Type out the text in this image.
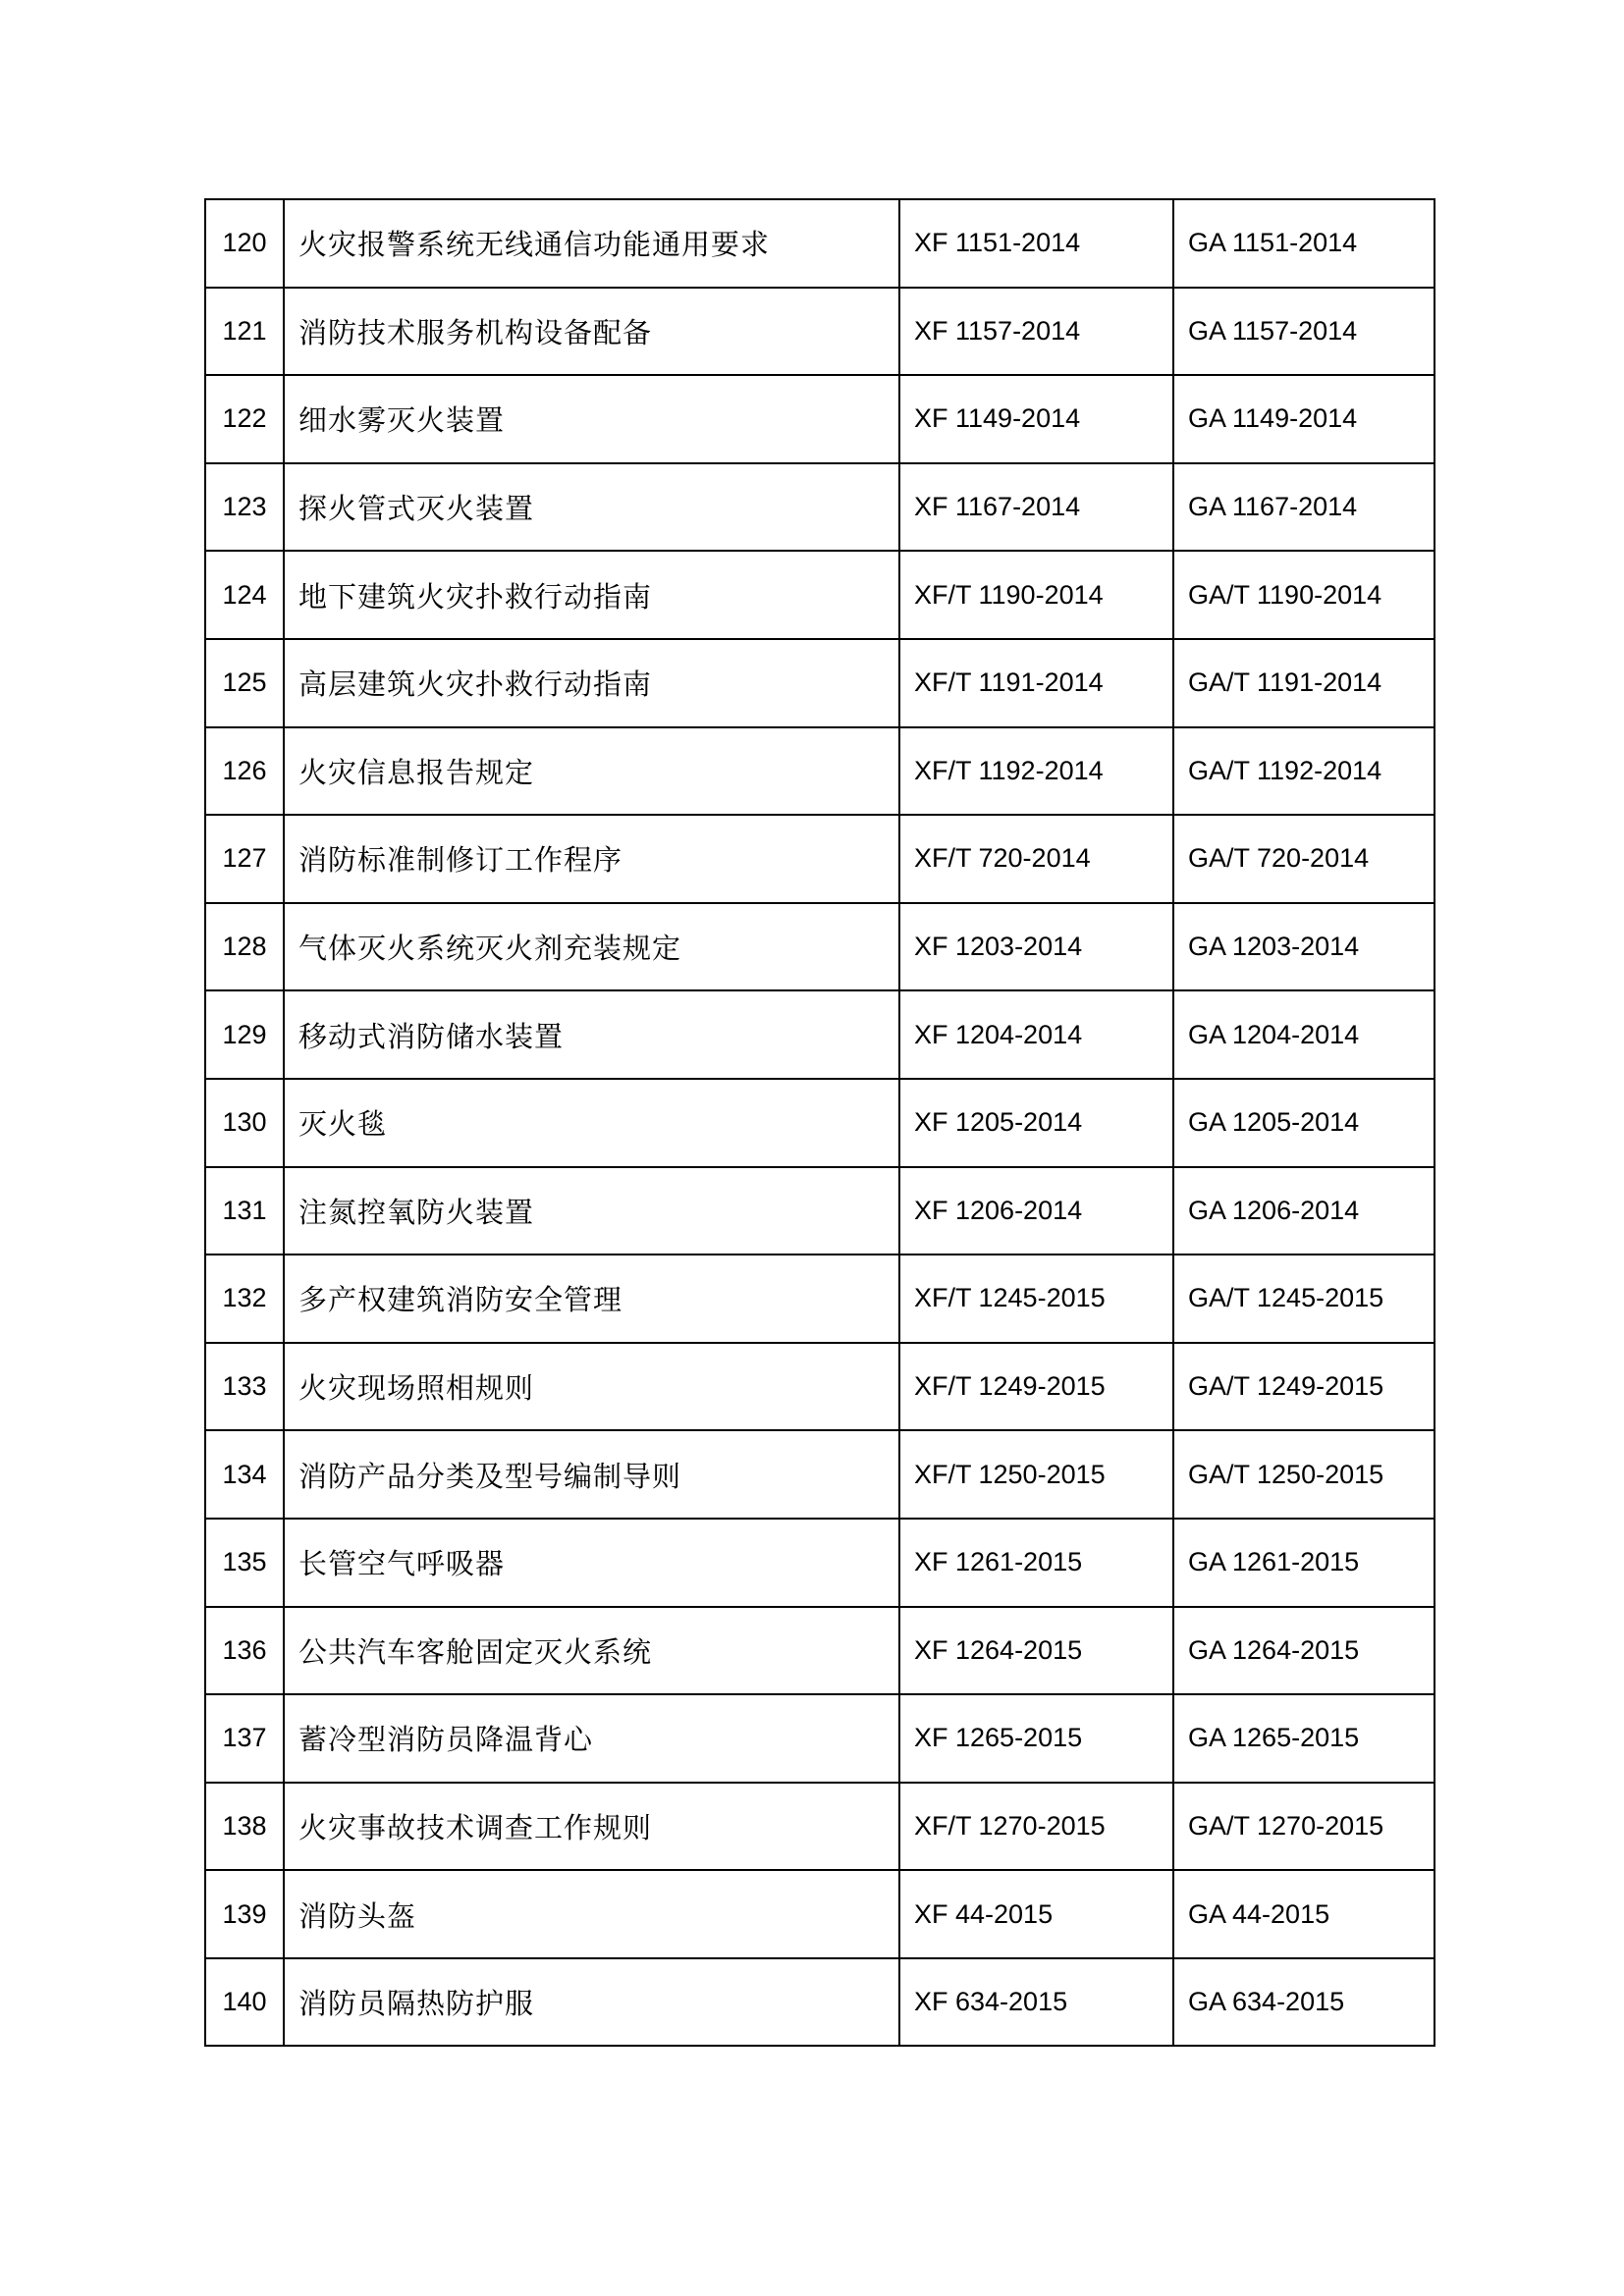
120	火灾报警系统无线通信功能通用要求	XF 1151-2014	GA 1151-2014
121	消防技术服务机构设备配备	XF 1157-2014	GA 1157-2014
122	细水雾灭火装置	XF 1149-2014	GA 1149-2014
123	探火管式灭火装置	XF 1167-2014	GA 1167-2014
124	地下建筑火灾扑救行动指南	XF/T 1190-2014	GA/T 1190-2014
125	高层建筑火灾扑救行动指南	XF/T 1191-2014	GA/T 1191-2014
126	火灾信息报告规定	XF/T 1192-2014	GA/T 1192-2014
127	消防标准制修订工作程序	XF/T 720-2014	GA/T 720-2014
128	气体灭火系统灭火剂充装规定	XF 1203-2014	GA 1203-2014
129	移动式消防储水装置	XF 1204-2014	GA 1204-2014
130	灭火毯	XF 1205-2014	GA 1205-2014
131	注氮控氧防火装置	XF 1206-2014	GA 1206-2014
132	多产权建筑消防安全管理	XF/T 1245-2015	GA/T 1245-2015
133	火灾现场照相规则	XF/T 1249-2015	GA/T 1249-2015
134	消防产品分类及型号编制导则	XF/T 1250-2015	GA/T 1250-2015
135	长管空气呼吸器	XF 1261-2015	GA 1261-2015
136	公共汽车客舱固定灭火系统	XF 1264-2015	GA 1264-2015
137	蓄冷型消防员降温背心	XF 1265-2015	GA 1265-2015
138	火灾事故技术调查工作规则	XF/T 1270-2015	GA/T 1270-2015
139	消防头盔	XF 44-2015	GA 44-2015
140	消防员隔热防护服	XF 634-2015	GA 634-2015
